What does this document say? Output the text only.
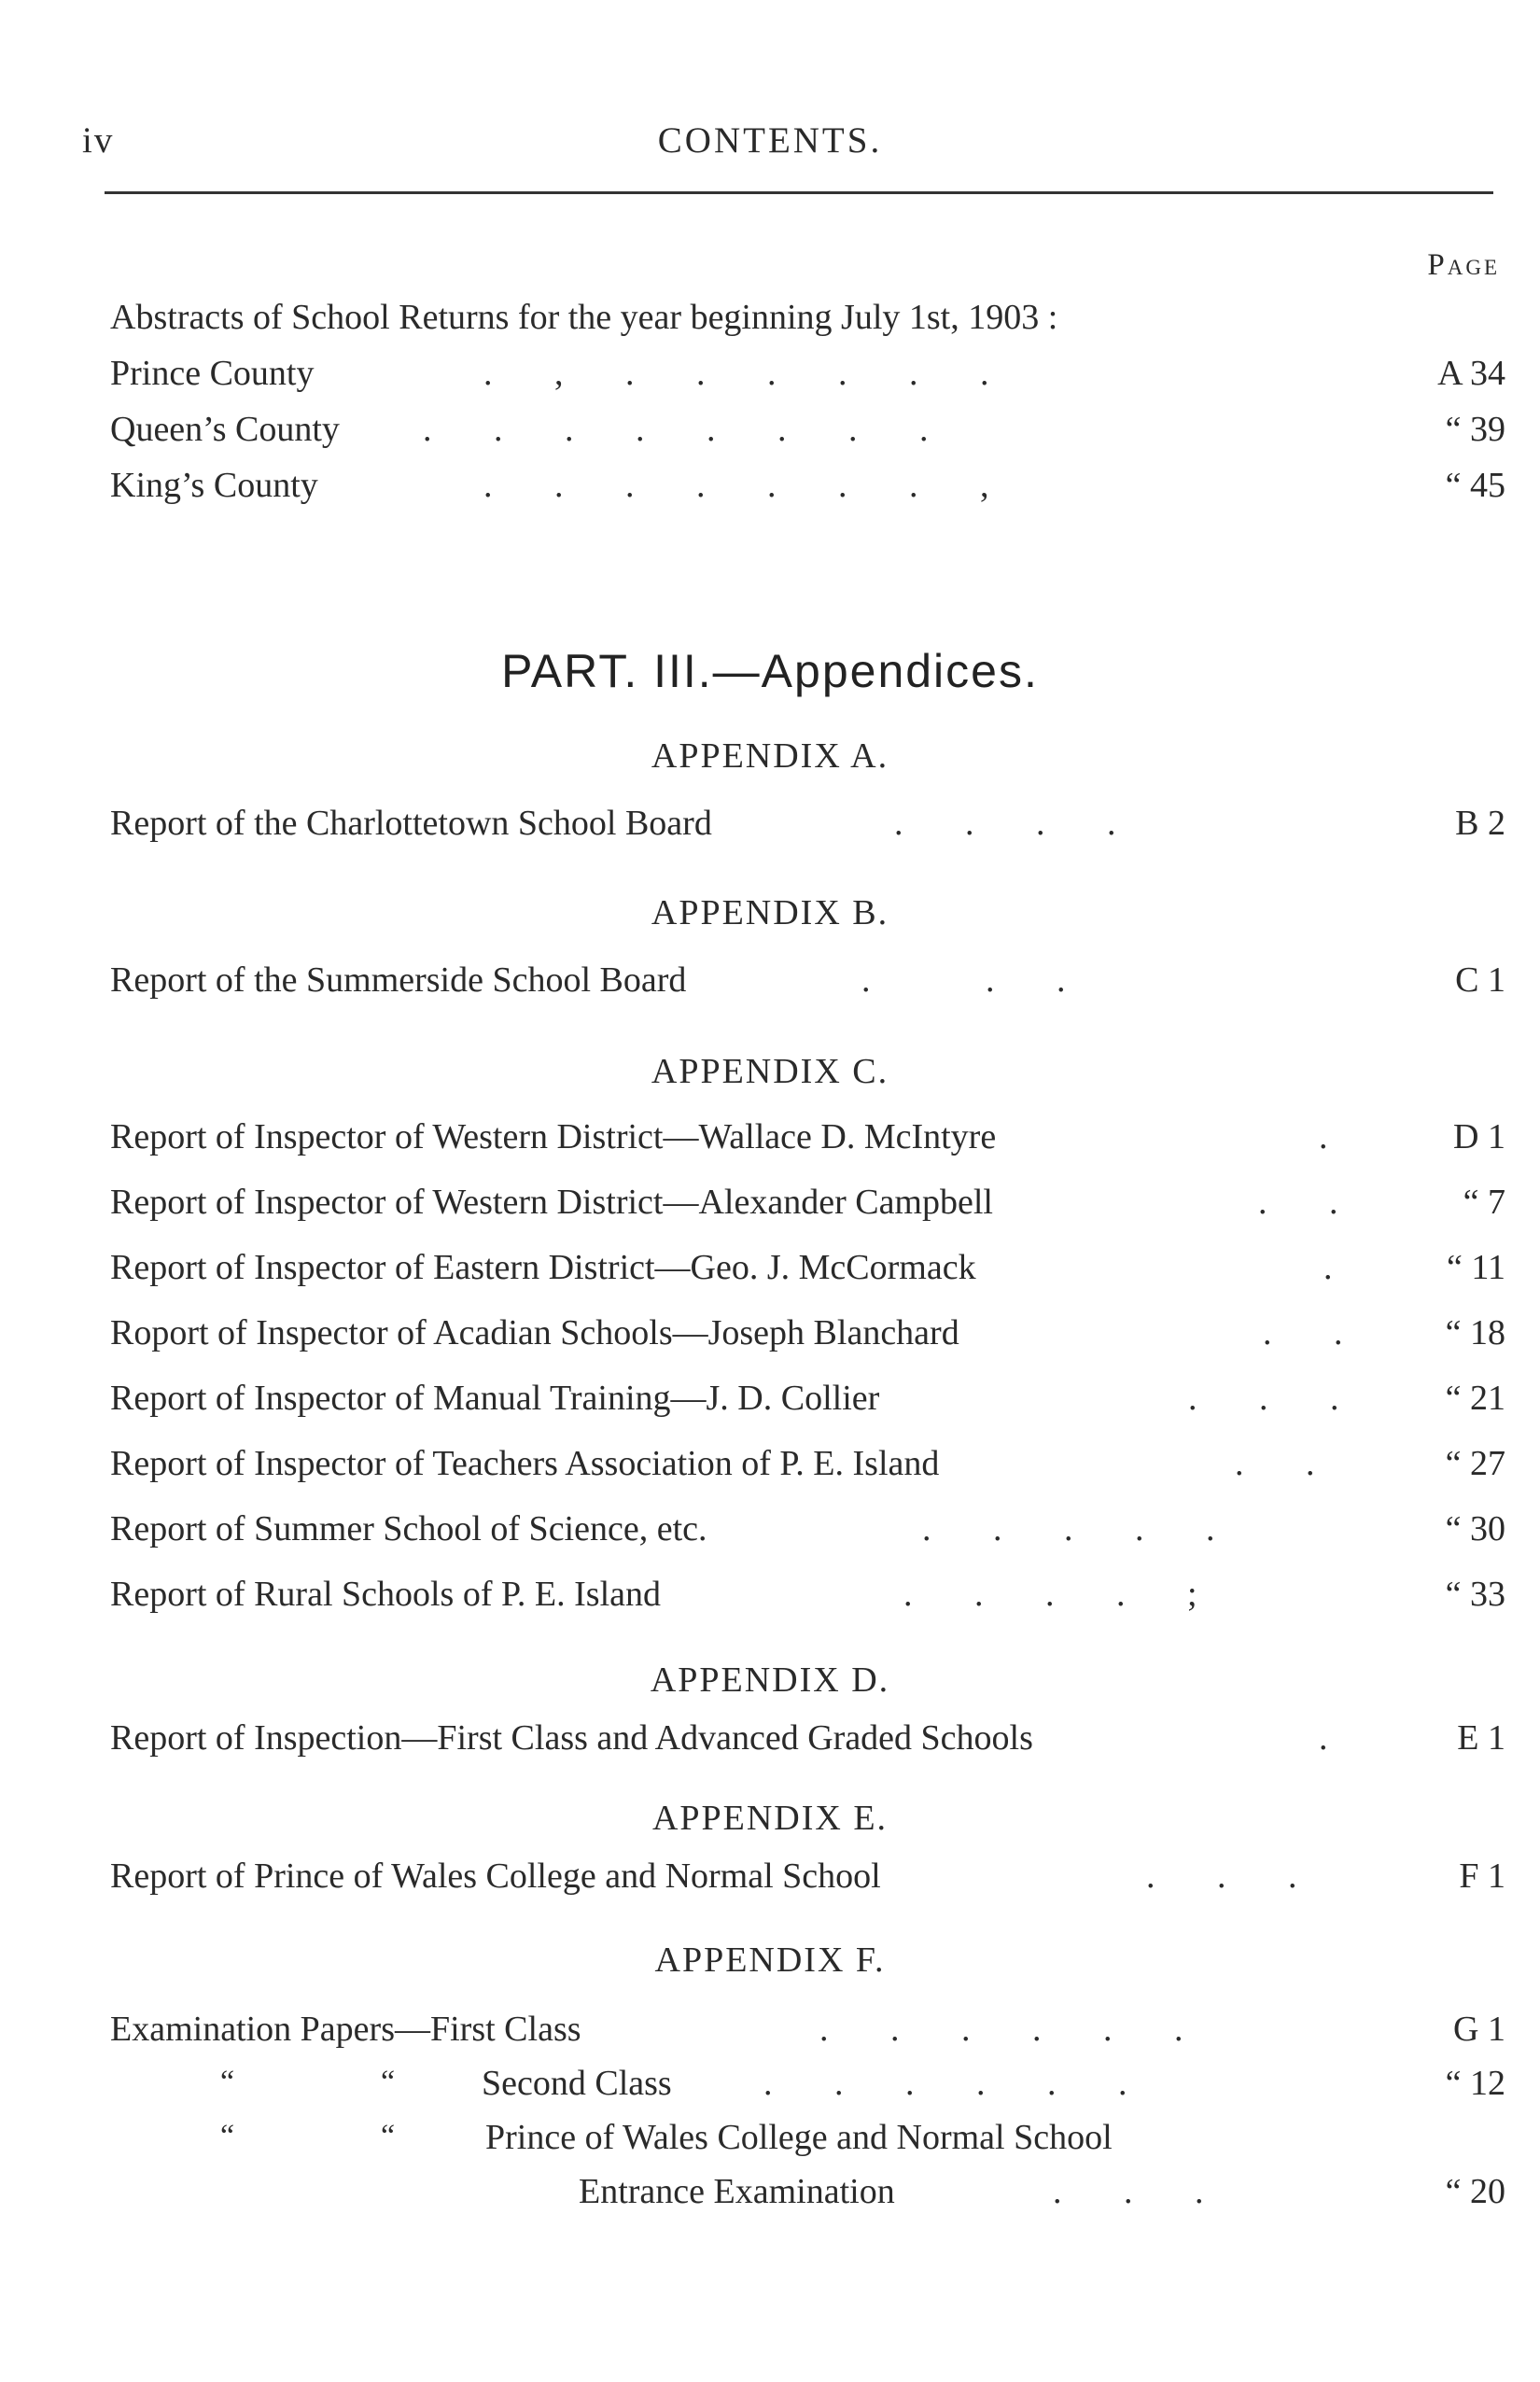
iv	CONTENTS.
Page
Abstracts of School Returns for the year beginning July 1st, 1903 :
Prince County	.       ,       .       .       .       .       .       .	A 34
Queen’s County .       .       .       .       .       .       .       .	“ 39
King’s County	.       .       .       .       .       .       .       ,	“ 45
PART. III.—Appendices.
APPENDIX A.
Report of the Charlottetown School Board	.       .       .       .	B 2
APPENDIX B.
Report of the Summerside School Board	.             .       .	C 1
APPENDIX C.
Report of Inspector of Western District—Wallace D. McIntyre	.	D 1
Report of Inspector of Western District—Alexander Campbell	.       .	“ 7
Report of Inspector of Eastern District—Geo. J. McCormack	.	“ 11
Roport of Inspector of Acadian Schools—Joseph Blanchard	.       .	“ 18
Report of Inspector of Manual Training—J. D. Collier	.       .       .	“ 21
Report of Inspector of Teachers Association of P. E. Island	.       .	“ 27
Report of Summer School of Science, etc.	.       .       .       .       .	“ 30
Report of Rural Schools of P. E. Island	.       .       .       .       ;	“ 33
APPENDIX D.
Report of Inspection—First Class and Advanced Graded Schools	.	E 1
APPENDIX E.
Report of Prince of Wales College and Normal School	.       .       .	F 1
APPENDIX F.
Examination Papers—First Class	.       .       .       .       .       .	G 1
“	“ Second Class	.       .       .       .       .       .	“ 12
“	“	Prince of Wales College and Normal School
Entrance Examination	.       .       .	“ 20
